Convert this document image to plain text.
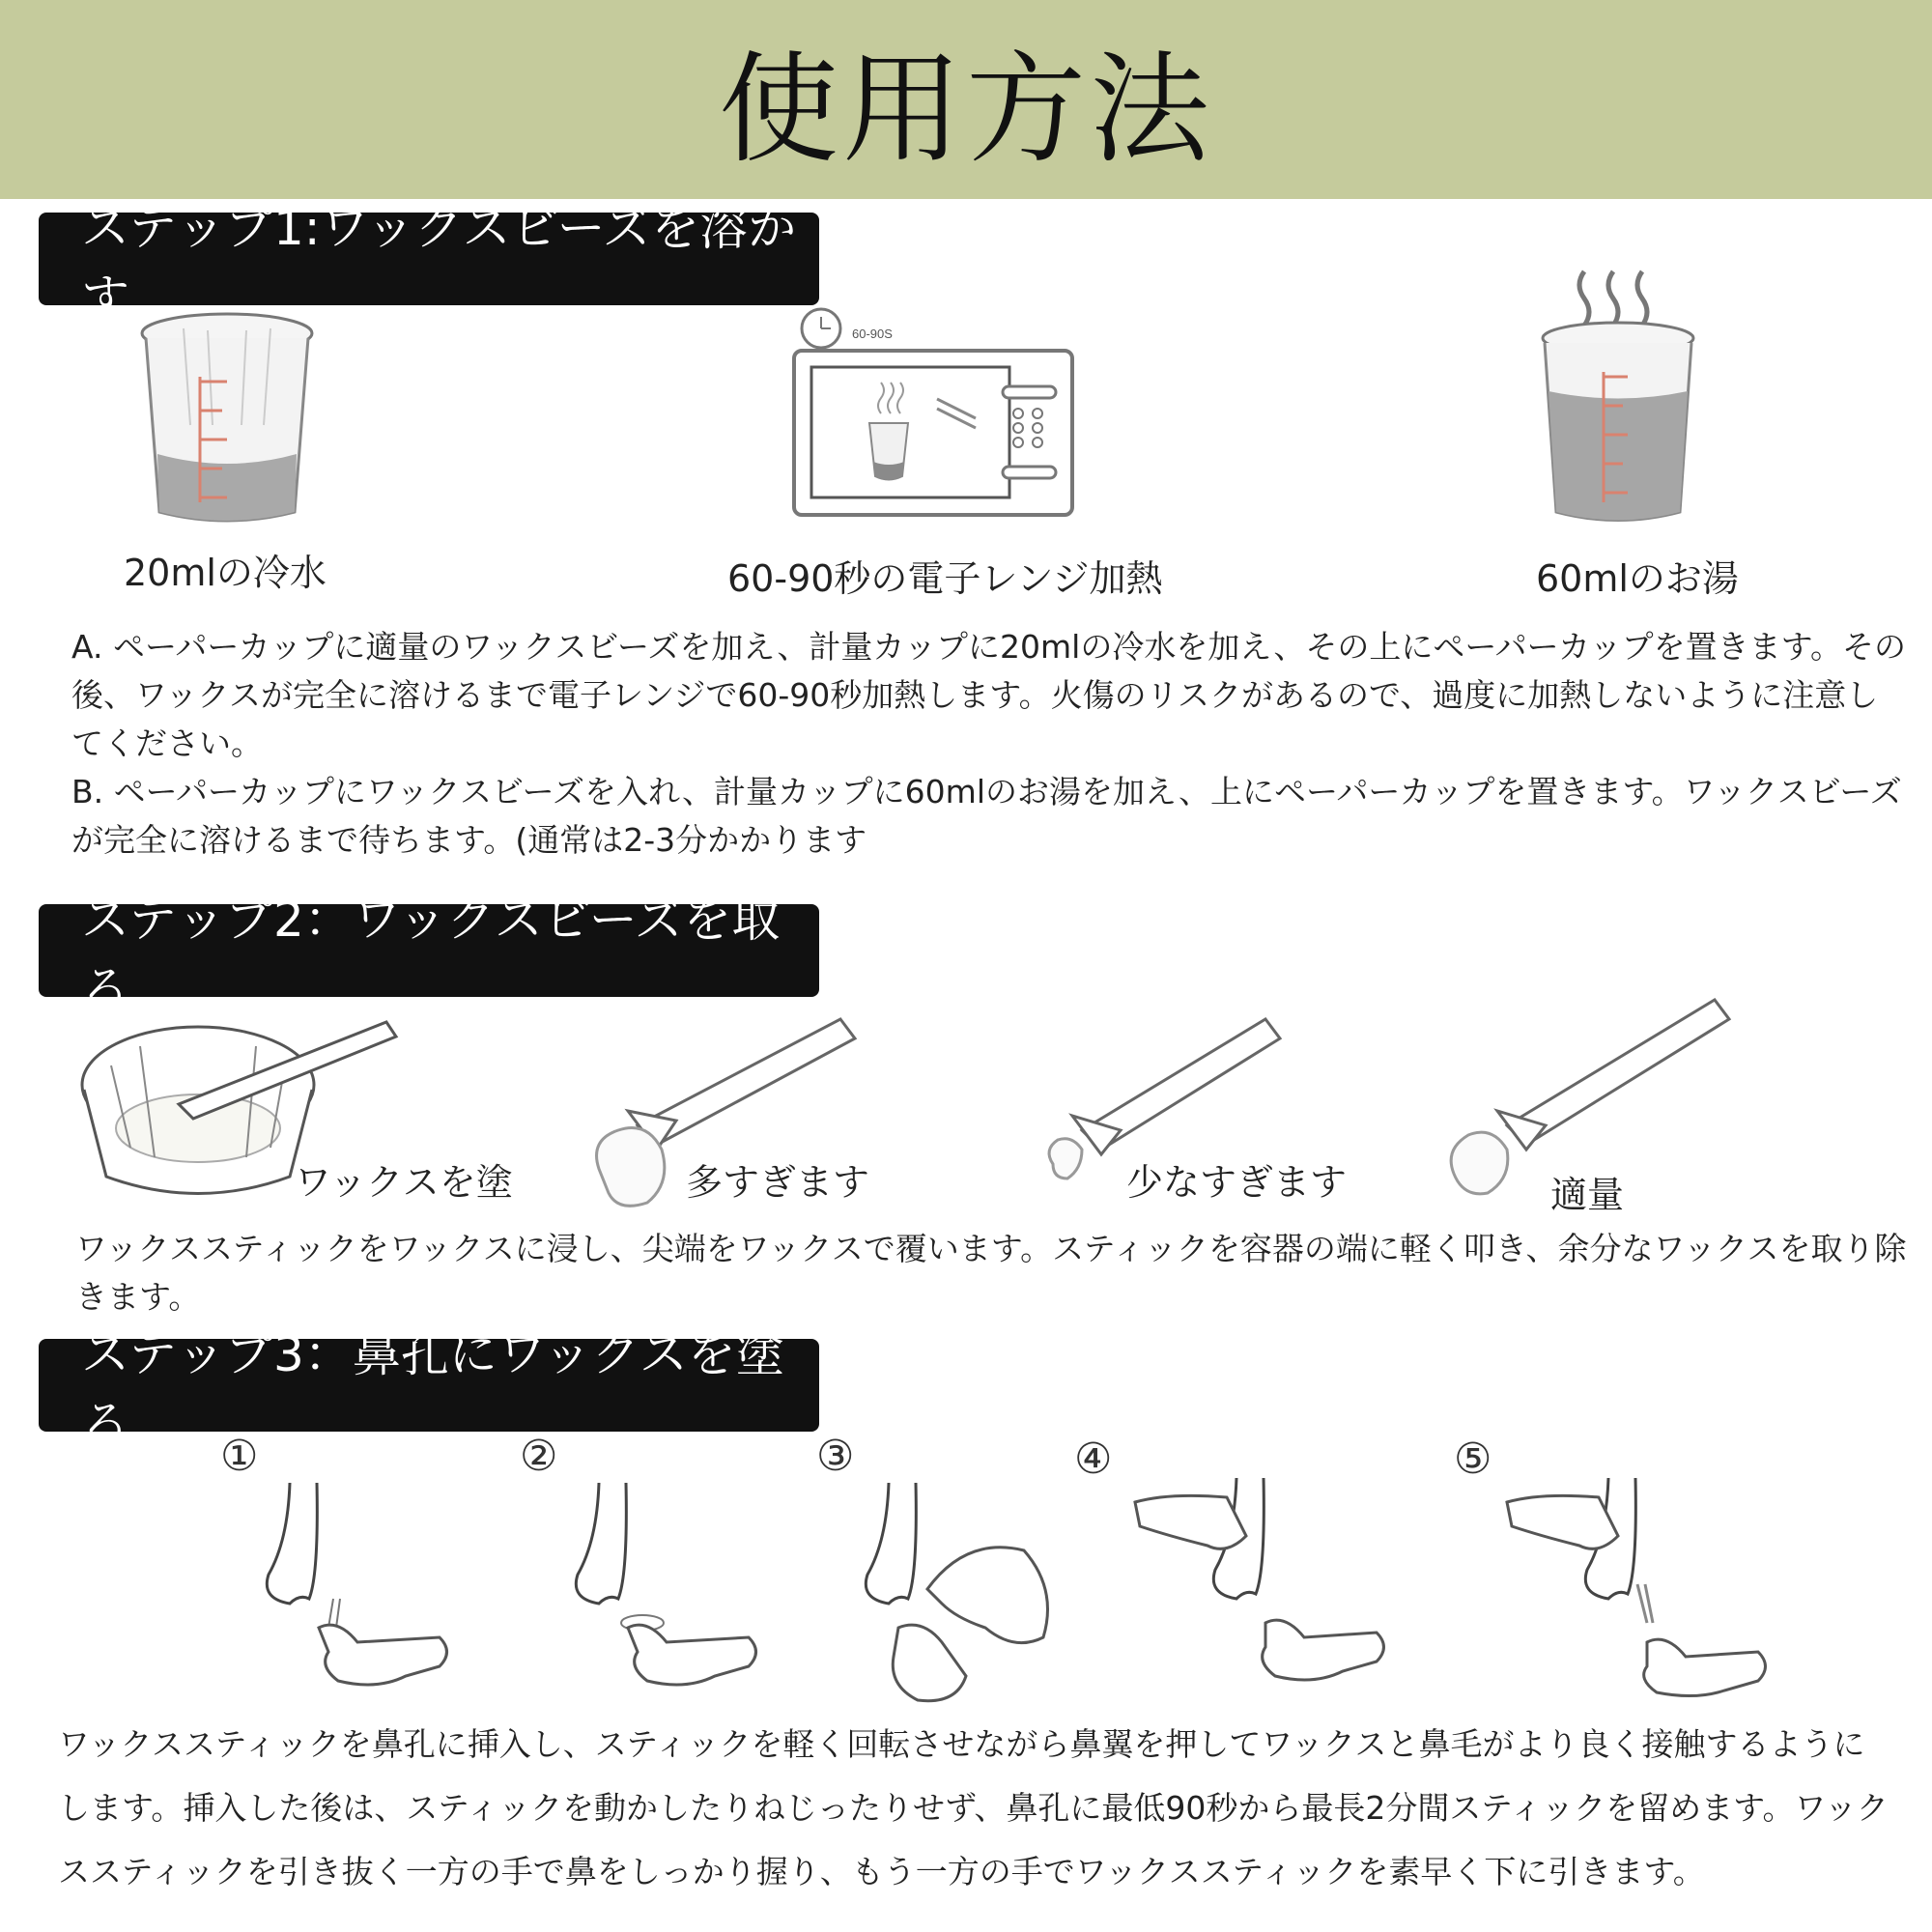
使用方法
ステップ1:ワックスビーズを溶かす
20mlの冷水
60-90S
60-90秒の電子レンジ加熱	60mlのお湯

A. ペーパーカップに適量のワックスビーズを加え、計量カップに20mlの冷水を加え、その上にペーパーカップを置きます。その後、ワックスが完全に溶けるまで電子レンジで60-90秒加熱します。火傷のリスクがあるので、過度に加熱しないように注意してください。

B. ペーパーカップにワックスビーズを入れ、計量カップに60mlのお湯を加え、上にペーパーカップを置きます。ワックスビーズが完全に溶けるまで待ちます。(通常は2-3分かかります

ステップ2：ワックスビーズを取る
ワックスを塗	多すぎます	少なすぎます	適量

ワックススティックをワックスに浸し、尖端をワックスで覆います。スティックを容器の端に軽く叩き、余分なワックスを取り除きます。

ステップ3：鼻孔にワックスを塗る
①	②	③	④	⑤

ワックススティックを鼻孔に挿入し、スティックを軽く回転させながら鼻翼を押してワックスと鼻毛がより良く接触するようにします。挿入した後は、スティックを動かしたりねじったりせず、鼻孔に最低90秒から最長2分間スティックを留めます。ワックススティックを引き抜く一方の手で鼻をしっかり握り、もう一方の手でワックススティックを素早く下に引きます。
